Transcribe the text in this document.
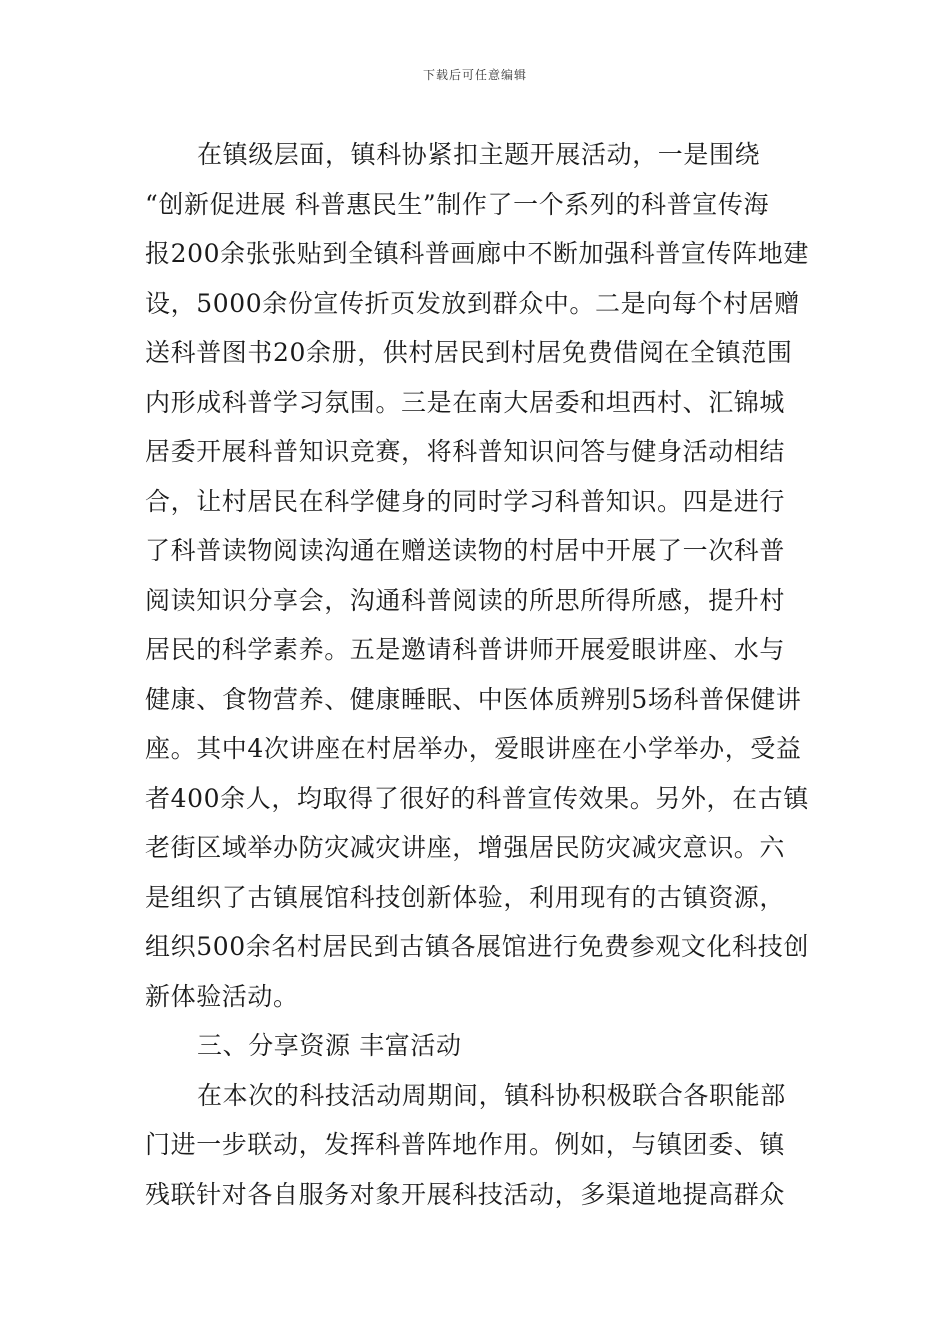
下载后可任意编辑
在镇级层面，镇科协紧扣主题开展活动，一是围绕
“创新促进展 科普惠民生”制作了一个系列的科普宣传海
报200余张张贴到全镇科普画廊中不断加强科普宣传阵地建
设，5000余份宣传折页发放到群众中。二是向每个村居赠
送科普图书20余册，供村居民到村居免费借阅在全镇范围
内形成科普学习氛围。三是在南大居委和坦西村、汇锦城
居委开展科普知识竞赛，将科普知识问答与健身活动相结
合，让村居民在科学健身的同时学习科普知识。四是进行
了科普读物阅读沟通在赠送读物的村居中开展了一次科普
阅读知识分享会，沟通科普阅读的所思所得所感，提升村
居民的科学素养。五是邀请科普讲师开展爱眼讲座、水与
健康、食物营养、健康睡眠、中医体质辨别5场科普保健讲
座。其中4次讲座在村居举办，爱眼讲座在小学举办，受益
者400余人，均取得了很好的科普宣传效果。另外，在古镇
老街区域举办防灾减灾讲座，增强居民防灾减灾意识。六
是组织了古镇展馆科技创新体验，利用现有的古镇资源，
组织500余名村居民到古镇各展馆进行免费参观文化科技创
新体验活动。
三、分享资源 丰富活动
在本次的科技活动周期间，镇科协积极联合各职能部
门进一步联动，发挥科普阵地作用。例如，与镇团委、镇
残联针对各自服务对象开展科技活动，多渠道地提高群众
